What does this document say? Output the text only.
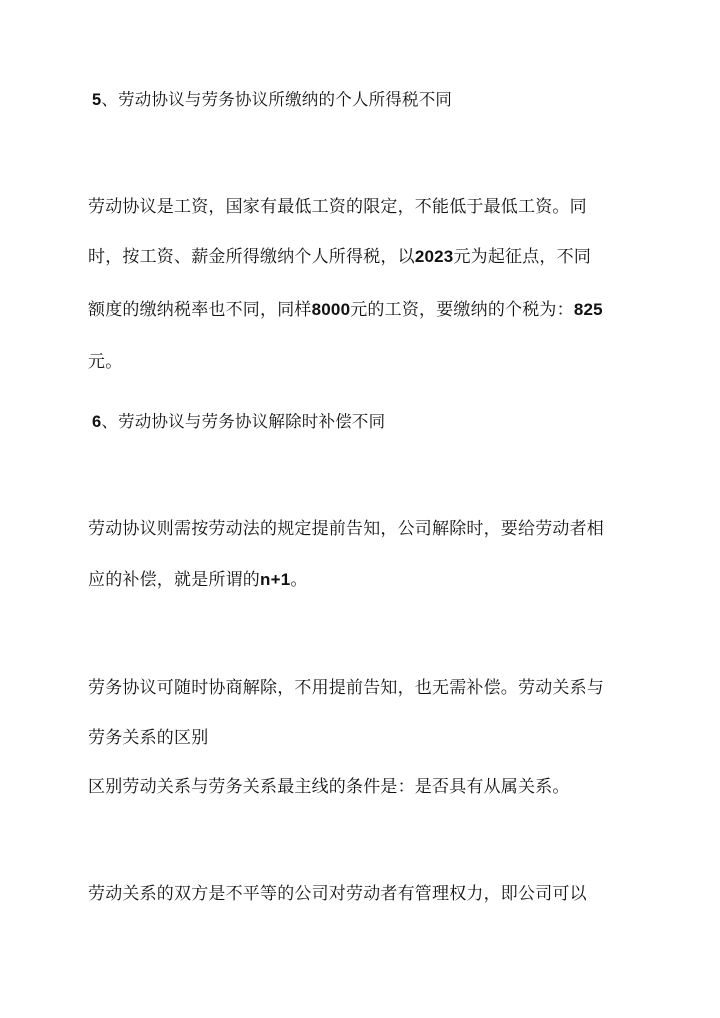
5、劳动协议与劳务协议所缴纳的个人所得税不同
劳动协议是工资，国家有最低工资的限定，不能低于最低工资。同
时，按工资、薪金所得缴纳个人所得税，以2023元为起征点，不同
额度的缴纳税率也不同，同样8000元的工资，要缴纳的个税为：825
元。
6、劳动协议与劳务协议解除时补偿不同
劳动协议则需按劳动法的规定提前告知，公司解除时，要给劳动者相
应的补偿，就是所谓的n+1。
劳务协议可随时协商解除，不用提前告知，也无需补偿。劳动关系与
劳务关系的区别
区别劳动关系与劳务关系最主线的条件是：是否具有从属关系。
劳动关系的双方是不平等的公司对劳动者有管理权力，即公司可以
